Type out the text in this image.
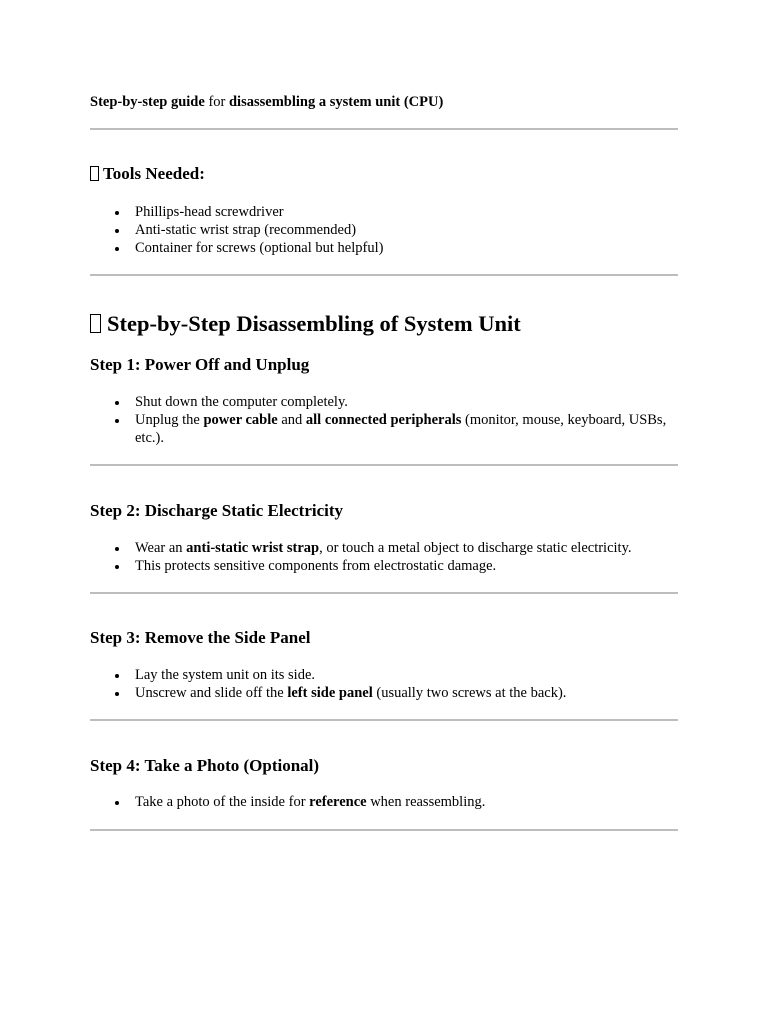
Step-by-step guide for disassembling a system unit (CPU)
Tools Needed:
Phillips-head screwdriver
Anti-static wrist strap (recommended)
Container for screws (optional but helpful)
Step-by-Step Disassembling of System Unit
Step 1: Power Off and Unplug
Shut down the computer completely.
Unplug the power cable and all connected peripherals (monitor, mouse, keyboard, USBs, etc.).
Step 2: Discharge Static Electricity
Wear an anti-static wrist strap, or touch a metal object to discharge static electricity.
This protects sensitive components from electrostatic damage.
Step 3: Remove the Side Panel
Lay the system unit on its side.
Unscrew and slide off the left side panel (usually two screws at the back).
Step 4: Take a Photo (Optional)
Take a photo of the inside for reference when reassembling.
